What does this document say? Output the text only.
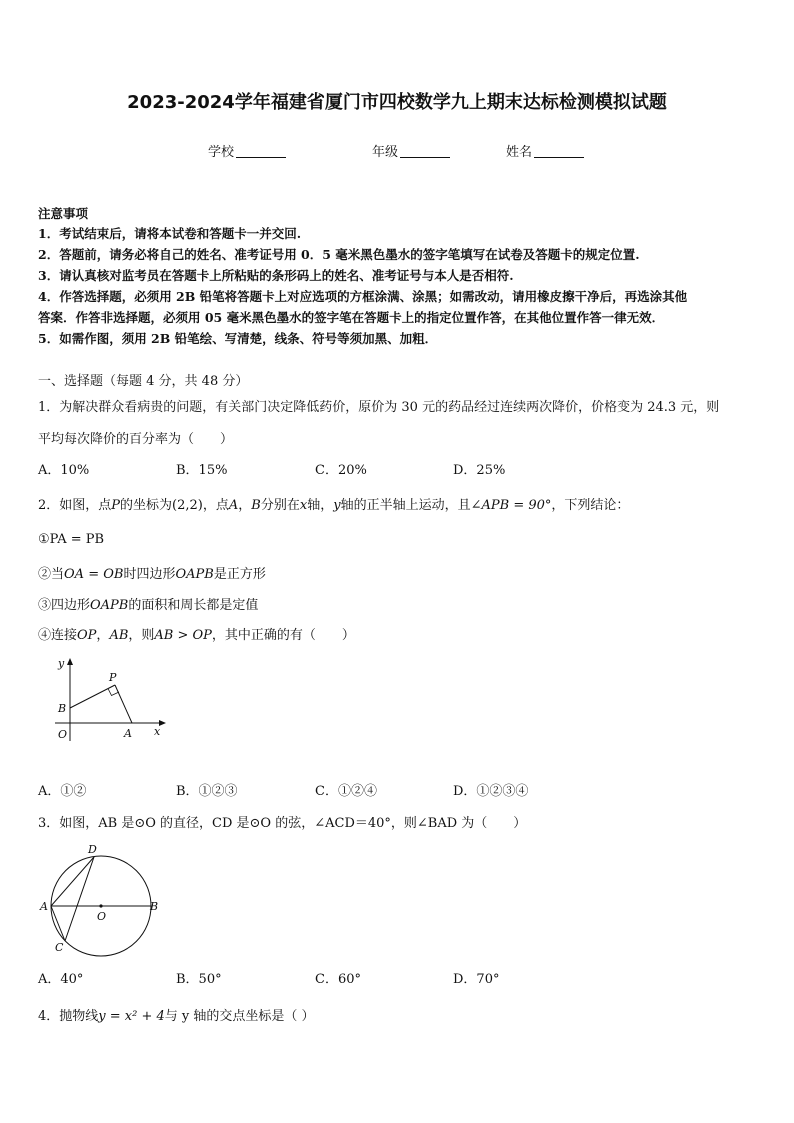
2023-2024学年福建省厦门市四校数学九上期末达标检测模拟试题
学校	年级	姓名
注意事项
1．考试结束后，请将本试卷和答题卡一并交回.
2．答题前，请务必将自己的姓名、准考证号用 0．5 毫米黑色墨水的签字笔填写在试卷及答题卡的规定位置.
3．请认真核对监考员在答题卡上所粘贴的条形码上的姓名、准考证号与本人是否相符.
4．作答选择题，必须用 2B 铅笔将答题卡上对应选项的方框涂满、涂黑；如需改动，请用橡皮擦干净后，再选涂其他
答案．作答非选择题，必须用 05 毫米黑色墨水的签字笔在答题卡上的指定位置作答，在其他位置作答一律无效．
5．如需作图，须用 2B 铅笔绘、写清楚，线条、符号等须加黑、加粗．
一、选择题（每题 4 分，共 48 分）
1．为解决群众看病贵的问题，有关部门决定降低药价，原价为 30 元的药品经过连续两次降价，价格变为 24.3 元，则
平均每次降价的百分率为（　　）
A．10%	B．15%	C．20%	D．25%
2．如图，点P的坐标为(2,2)，点A，B分别在x轴，y轴的正半轴上运动，且∠APB = 90°，下列结论：
①PA = PB
②当OA = OB时四边形OAPB是正方形
③四边形OAPB的面积和周长都是定值
④连接OP，AB，则AB > OP，其中正确的有（　　）
y
P
B
O	A x
A．①②	B．①②③	C．①②④	D．①②③④
3．如图，AB 是⊙O 的直径，CD 是⊙O 的弦，∠ACD＝40°，则∠BAD 为（　　）
D
A
O
B
C
A．40°	B．50°	C．60°	D．70°
4．抛物线y = x² + 4与 y 轴的交点坐标是（ ）
